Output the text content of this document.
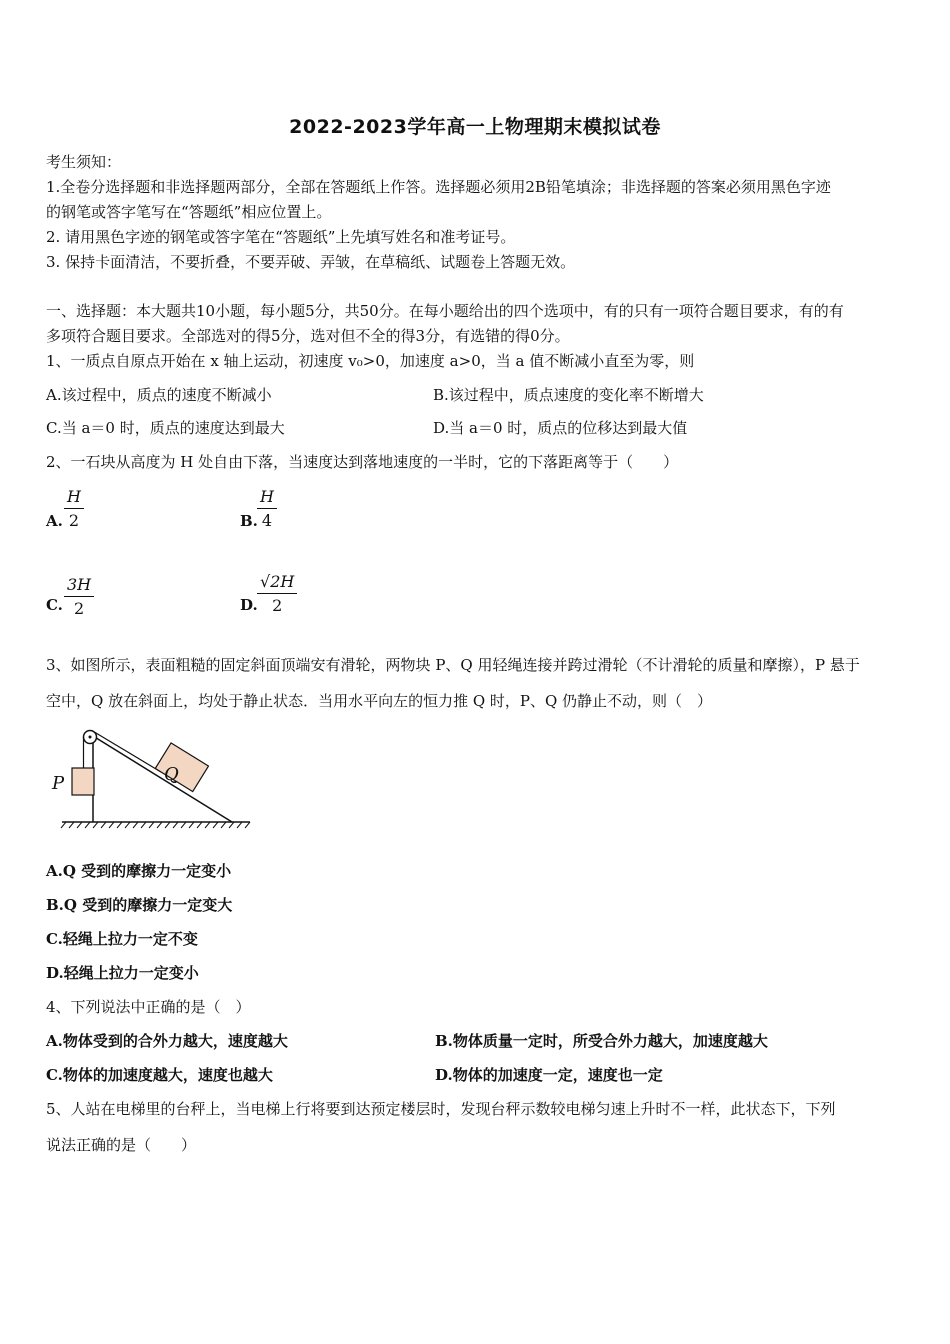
2022-2023学年高一上物理期末模拟试卷
考生须知：
1.全卷分选择题和非选择题两部分，全部在答题纸上作答。选择题必须用2B铅笔填涂；非选择题的答案必须用黑色字迹
的钢笔或答字笔写在“答题纸”相应位置上。
2. 请用黑色字迹的钢笔或答字笔在“答题纸”上先填写姓名和准考证号。
3. 保持卡面清洁，不要折叠，不要弄破、弄皱，在草稿纸、试题卷上答题无效。
一、选择题：本大题共10小题，每小题5分，共50分。在每小题给出的四个选项中，有的只有一项符合题目要求，有的有
多项符合题目要求。全部选对的得5分，选对但不全的得3分，有选错的得0分。
1、一质点自原点开始在 x 轴上运动，初速度 v₀>0，加速度 a>0，当 a 值不断减小直至为零，则
A.该过程中，质点的速度不断减小	B.该过程中，质点速度的变化率不断增大
C.当 a＝0 时，质点的速度达到最大	D.当 a＝0 时，质点的位移达到最大值
2、一石块从高度为 H 处自由下落，当速度达到落地速度的一半时，它的下落距离等于（　　）
A.
H
2	B.
H
4
C.
3H
2	D.
√2H
2
3、如图所示，表面粗糙的固定斜面顶端安有滑轮，两物块 P、Q 用轻绳连接并跨过滑轮（不计滑轮的质量和摩擦），P 悬于
空中，Q 放在斜面上，均处于静止状态．当用水平向左的恒力推 Q 时，P、Q 仍静止不动，则（　）
P	Q
A.Q 受到的摩擦力一定变小
B.Q 受到的摩擦力一定变大
C.轻绳上拉力一定不变
D.轻绳上拉力一定变小
4、下列说法中正确的是（　）
A.物体受到的合外力越大，速度越大	B.物体质量一定时，所受合外力越大，加速度越大
C.物体的加速度越大，速度也越大	D.物体的加速度一定，速度也一定
5、人站在电梯里的台秤上，当电梯上行将要到达预定楼层时，发现台秤示数较电梯匀速上升时不一样，此状态下，下列
说法正确的是（　　）
